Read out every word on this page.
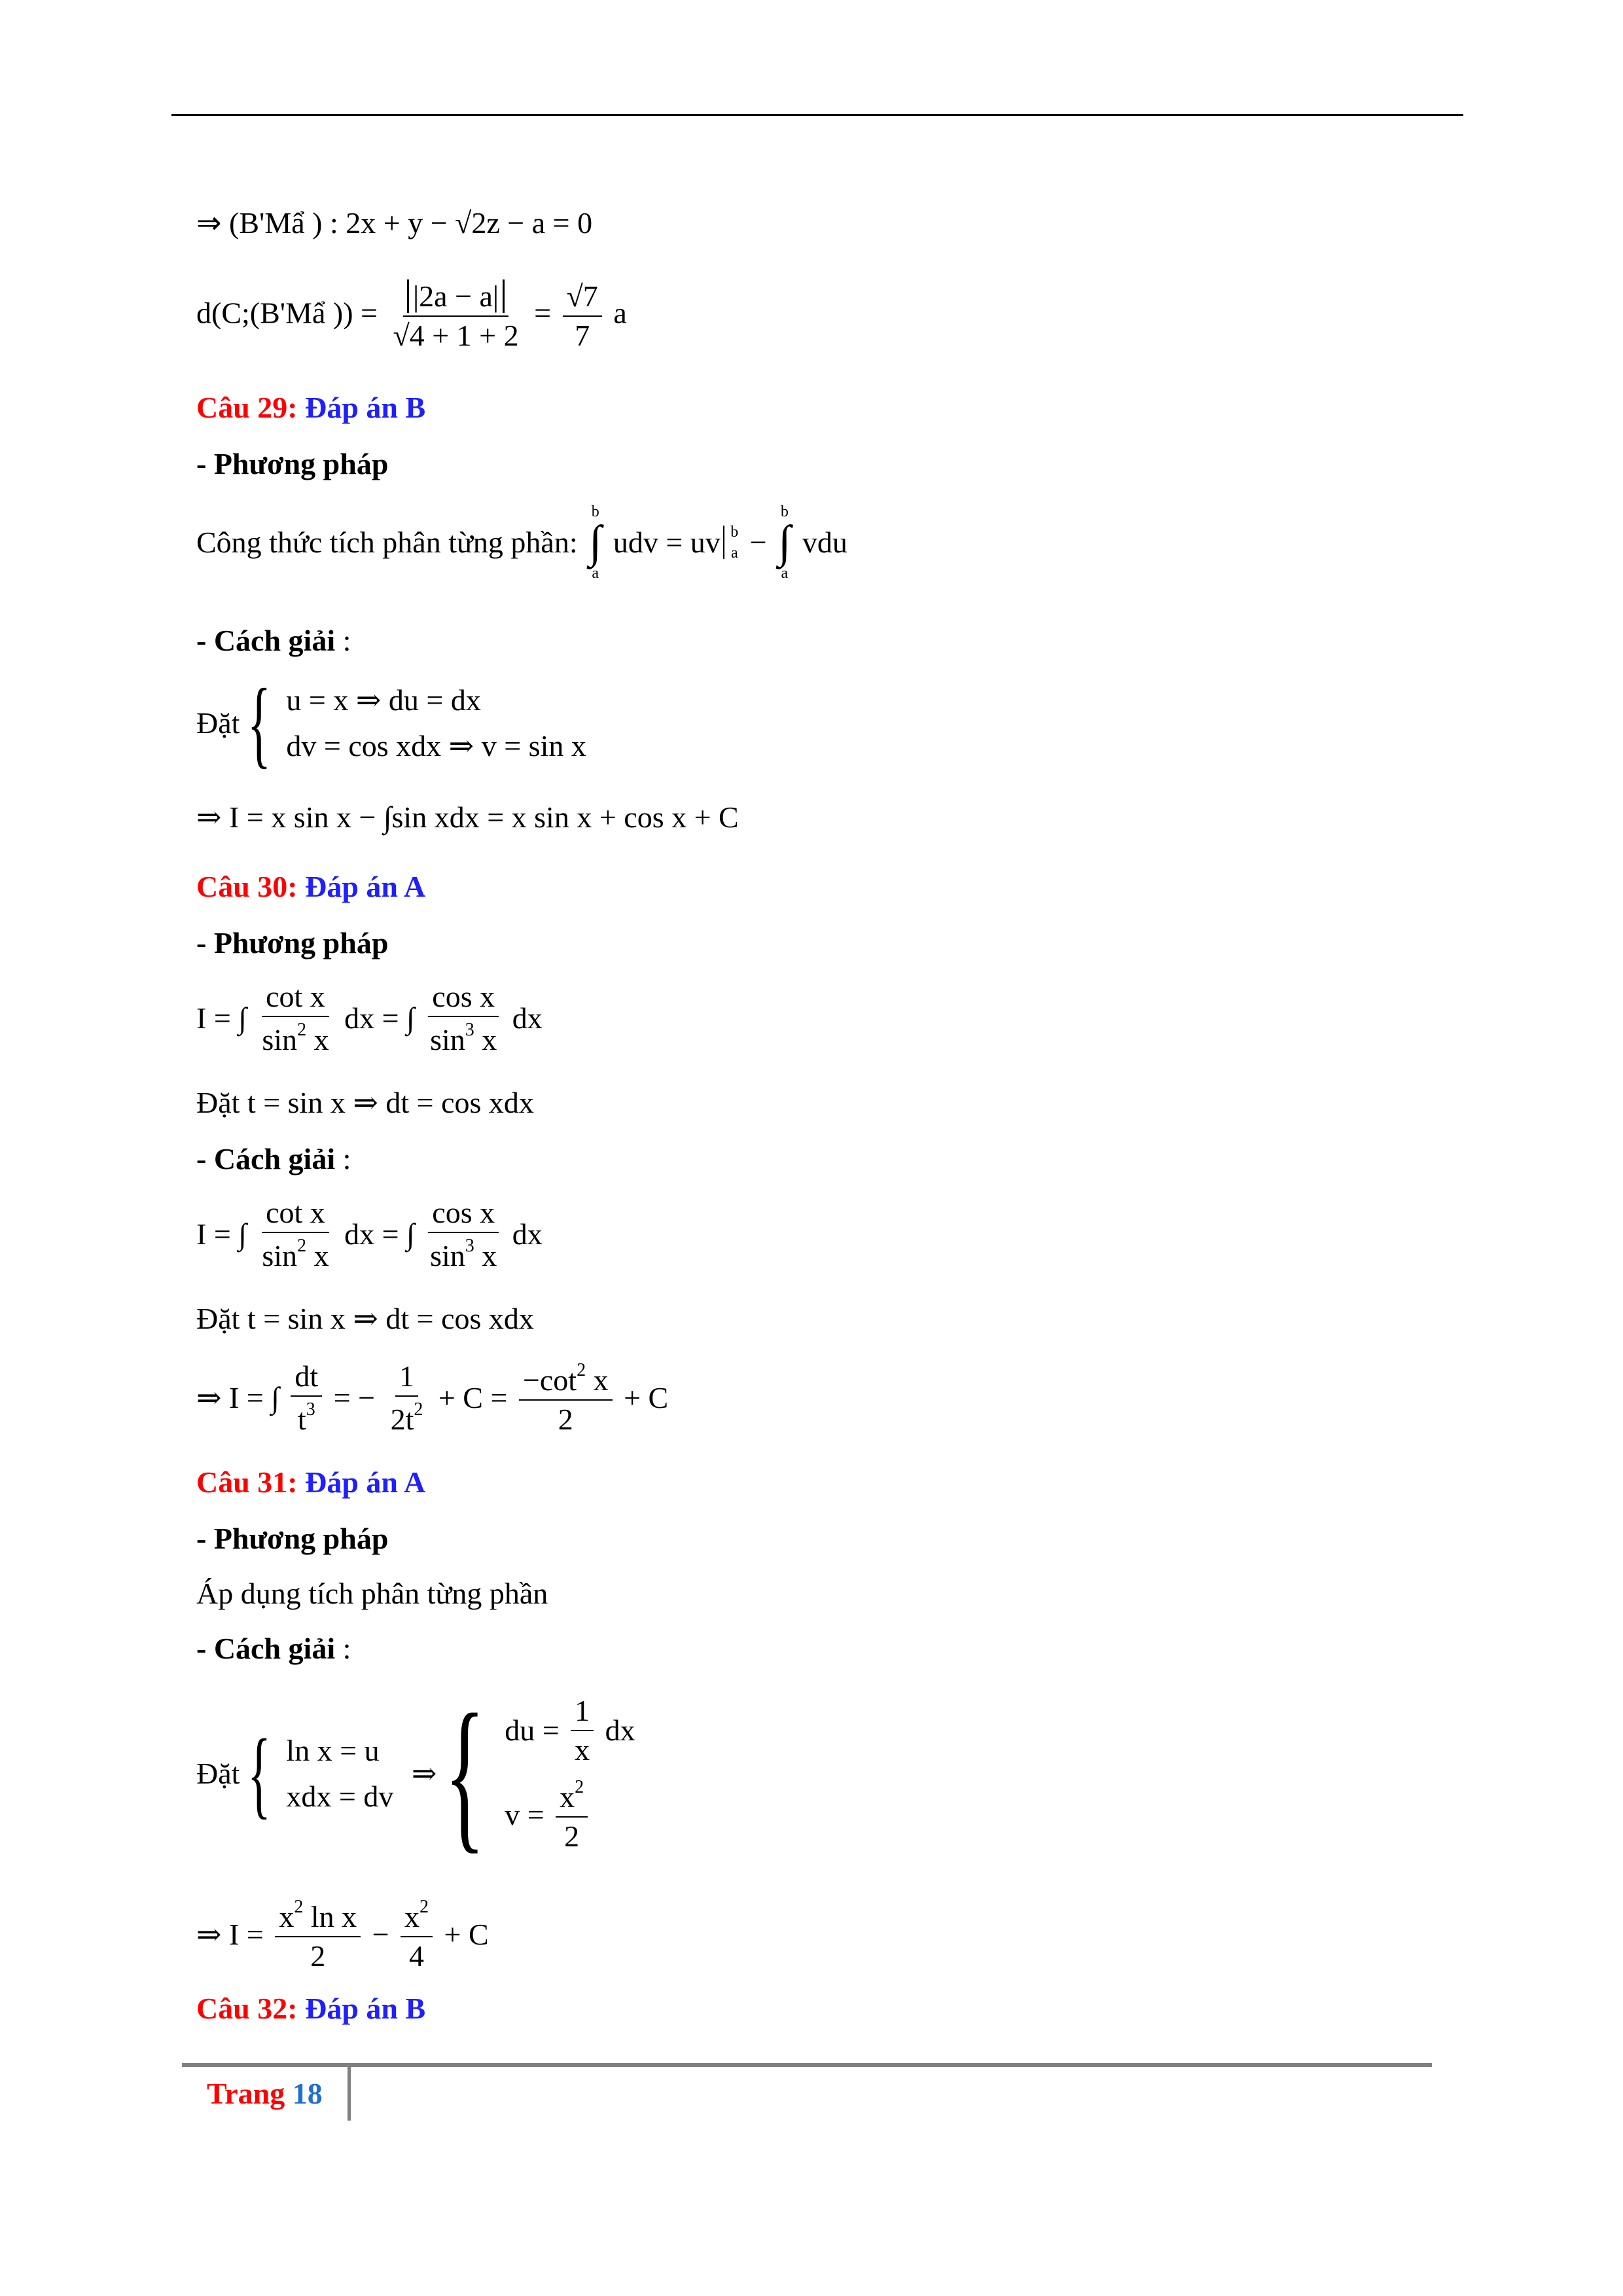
⇒ (B'Mẩ ) : 2x + y − √2z − a = 0
d(C;(B'Mẩ )) = $\frac{|2a - a|}{√4 + 1 + 2} = \frac{√7}{7}$ a
Câu 29: Đáp án B
- Phương pháp
Công thức tích phân từng phần:
b
∫
a
udv = uv b
a −
b
∫
a
vdu
- Cách giải :
Đặt { u = x ⇒ du = dx
dv = cos xdx ⇒ v = sin x
⇒ I = x sin x − ∫sin xdx = x sin x + cos x + C
Câu 30: Đáp án A
- Phương pháp
I = ∫ $\frac{\text{cot x}}{\sin^2 x}$ dx = ∫ $\frac{\text{cos x}}{\sin^3 x}$ dx
Đặt t = sin x ⇒ dt = cos xdx
- Cách giải :
I = ∫ $\frac{\text{cot x}}{\sin^2 x}$ dx = ∫ $\frac{\text{cos x}}{\sin^3 x}$ dx
Đặt t = sin x ⇒ dt = cos xdx
⇒ I = ∫ $\frac{dt}{t^3}$ = − $\frac{1}{2t^2} + C = \frac{-\cot^2 x}{2} + C$
Câu 31: Đáp án A
- Phương pháp
Áp dụng tích phân từng phần
- Cách giải :
Đặt { ln x = u
xdx = dv
⇒ { du = $\frac{1}{x}$ dx
$v = \frac{x^2}{2}$
⇒ $I = \frac{x^2 \ln x}{2} - \frac{x^2}{4} + C$
Câu 32: Đáp án B
Trang 18
